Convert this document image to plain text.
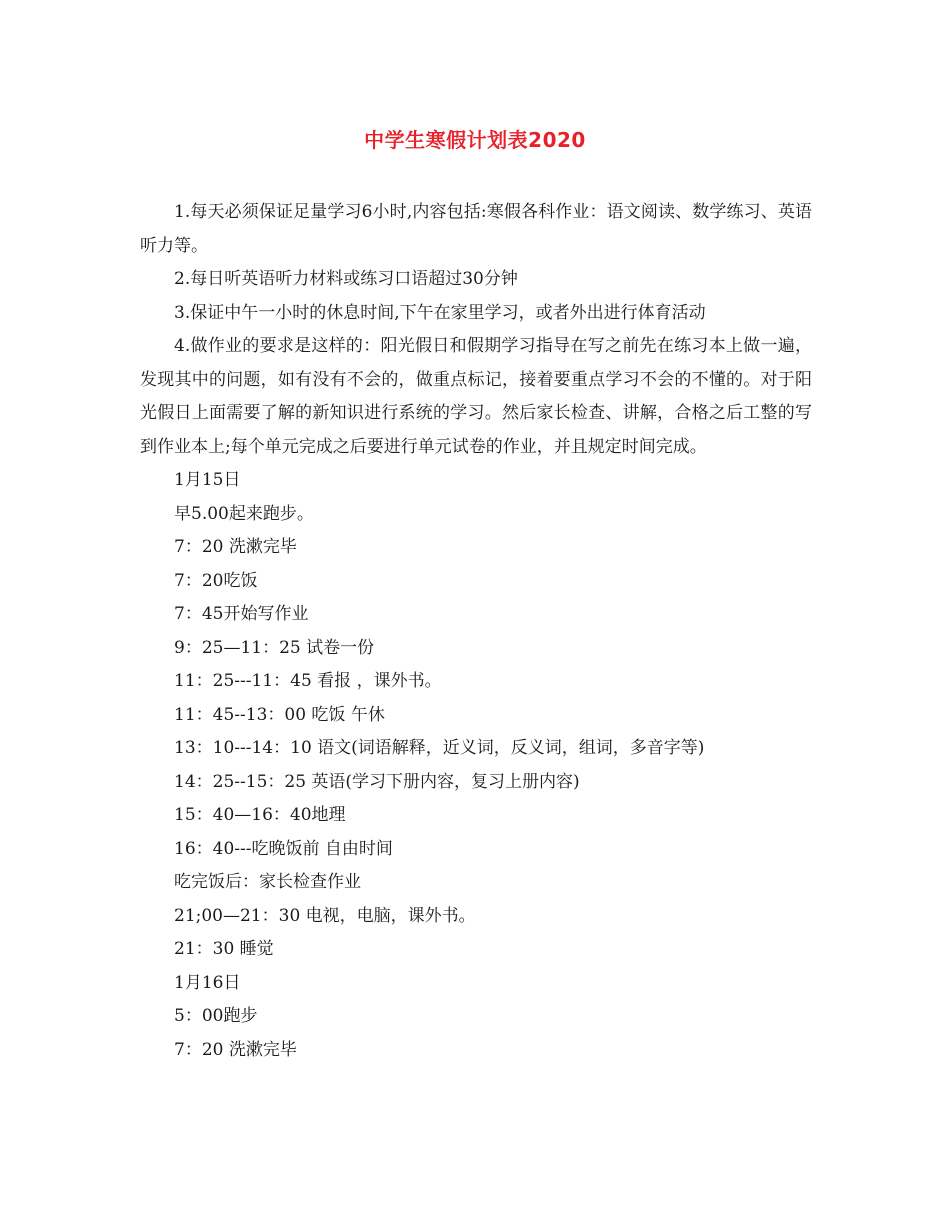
中学生寒假计划表2020

1.每天必须保证足量学习6小时,内容包括:寒假各科作业：语文阅读、数学练习、英语听力等。

2.每日听英语听力材料或练习口语超过30分钟

3.保证中午一小时的休息时间,下午在家里学习，或者外出进行体育活动

4.做作业的要求是这样的：阳光假日和假期学习指导在写之前先在练习本上做一遍，发现其中的问题，如有没有不会的，做重点标记，接着要重点学习不会的不懂的。对于阳光假日上面需要了解的新知识进行系统的学习。然后家长检查、讲解，合格之后工整的写到作业本上;每个单元完成之后要进行单元试卷的作业，并且规定时间完成。

1月15日

早5.00起来跑步。

7：20 洗漱完毕

7：20吃饭

7：45开始写作业

9：25—11：25 试卷一份

11：25---11：45 看报 ，课外书。

11：45--13：00 吃饭 午休

13：10---14：10 语文(词语解释，近义词，反义词，组词，多音字等)

14：25--15：25 英语(学习下册内容，复习上册内容)

15：40—16：40地理

16：40---吃晚饭前 自由时间

吃完饭后：家长检查作业

21;00—21：30 电视，电脑，课外书。

21：30 睡觉

1月16日

5：00跑步

7：20 洗漱完毕
